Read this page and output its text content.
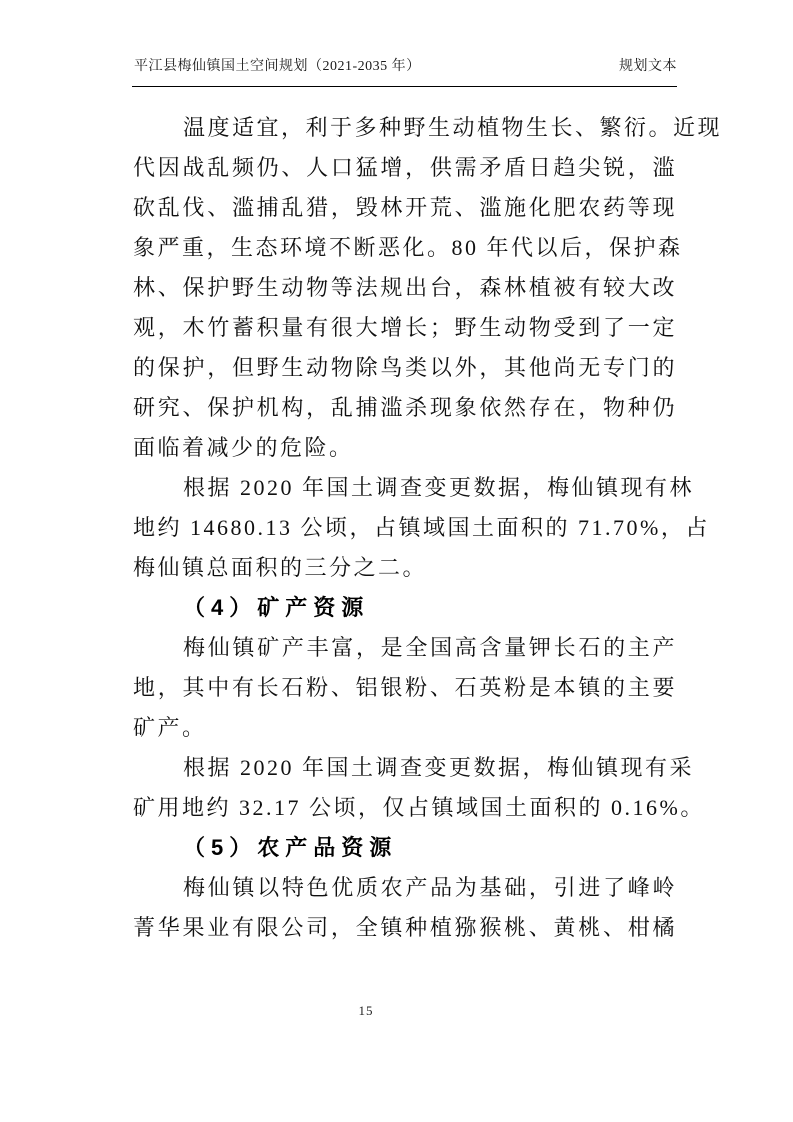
平江县梅仙镇国土空间规划（2021-2035 年）	规划文本
温度适宜，利于多种野生动植物生长、繁衍。近现
代因战乱频仍、人口猛增，供需矛盾日趋尖锐，滥
砍乱伐、滥捕乱猎，毁林开荒、滥施化肥农药等现
象严重，生态环境不断恶化。80 年代以后，保护森
林、保护野生动物等法规出台，森林植被有较大改
观，木竹蓄积量有很大增长；野生动物受到了一定
的保护，但野生动物除鸟类以外，其他尚无专门的
研究、保护机构，乱捕滥杀现象依然存在，物种仍
面临着减少的危险。
根据 2020 年国土调查变更数据，梅仙镇现有林
地约 14680.13 公顷，占镇域国土面积的 71.70%，占
梅仙镇总面积的三分之二。
（4）矿产资源
梅仙镇矿产丰富，是全国高含量钾长石的主产
地，其中有长石粉、铝银粉、石英粉是本镇的主要
矿产。
根据 2020 年国土调查变更数据，梅仙镇现有采
矿用地约 32.17 公顷，仅占镇域国土面积的 0.16%。
（5）农产品资源
梅仙镇以特色优质农产品为基础，引进了峰岭
菁华果业有限公司，全镇种植猕猴桃、黄桃、柑橘
15
